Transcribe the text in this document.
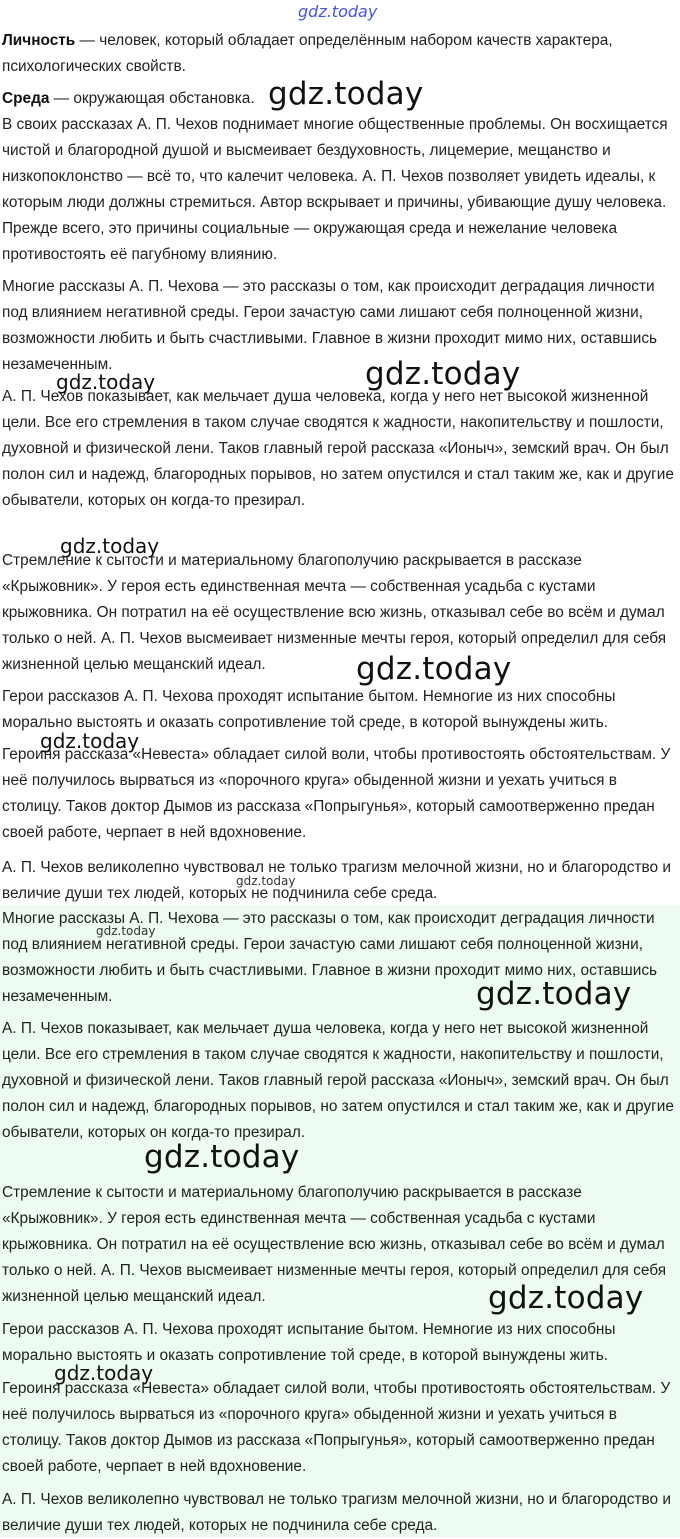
Личность — человек, который обладает определённым набором качеств характера, психологических свойств.

Среда — окружающая обстановка.

В своих рассказах А. П. Чехов поднимает многие общественные проблемы. Он восхищается чистой и благородной душой и высмеивает бездуховность, лицемерие, мещанство и низкопоклонство — всё то, что калечит человека. А. П. Чехов позволяет увидеть идеалы, к которым люди должны стремиться. Автор вскрывает и причины, убивающие душу человека. Прежде всего, это причины социальные — окружающая среда и нежелание человека противостоять её пагубному влиянию.

Многие рассказы А. П. Чехова — это рассказы о том, как происходит деградация личности под влиянием негативной среды. Герои зачастую сами лишают себя полноценной жизни, возможности любить и быть счастливыми. Главное в жизни проходит мимо них, оставшись незамеченным.

А. П. Чехов показывает, как мельчает душа человека, когда у него нет высокой жизненной цели. Все его стремления в таком случае сводятся к жадности, накопительству и пошлости, духовной и физической лени. Таков главный герой рассказа «Ионыч», земский врач. Он был полон сил и надежд, благородных порывов, но затем опустился и стал таким же, как и другие обыватели, которых он когда-то презирал.

Стремление к сытости и материальному благополучию раскрывается в рассказе «Крыжовник». У героя есть единственная мечта — собственная усадьба с кустами крыжовника. Он потратил на её осуществление всю жизнь, отказывал себе во всём и думал только о ней. А. П. Чехов высмеивает низменные мечты героя, который определил для себя жизненной целью мещанский идеал.

Герои рассказов А. П. Чехова проходят испытание бытом. Немногие из них способны морально выстоять и оказать сопротивление той среде, в которой вынуждены жить.

Героиня рассказа «Невеста» обладает силой воли, чтобы противостоять обстоятельствам. У неё получилось вырваться из «порочного круга» обыденной жизни и уехать учиться в столицу. Таков доктор Дымов из рассказа «Попрыгунья», который самоотверженно предан своей работе, черпает в ней вдохновение.

А. П. Чехов великолепно чувствовал не только трагизм мелочной жизни, но и благородство и величие души тех людей, которых не подчинила себе среда.

Многие рассказы А. П. Чехова — это рассказы о том, как происходит деградация личности под влиянием негативной среды. Герои зачастую сами лишают себя полноценной жизни, возможности любить и быть счастливыми. Главное в жизни проходит мимо них, оставшись незамеченным.

А. П. Чехов показывает, как мельчает душа человека, когда у него нет высокой жизненной цели. Все его стремления в таком случае сводятся к жадности, накопительству и пошлости, духовной и физической лени. Таков главный герой рассказа «Ионыч», земский врач. Он был полон сил и надежд, благородных порывов, но затем опустился и стал таким же, как и другие обыватели, которых он когда-то презирал.

Стремление к сытости и материальному благополучию раскрывается в рассказе «Крыжовник». У героя есть единственная мечта — собственная усадьба с кустами крыжовника. Он потратил на её осуществление всю жизнь, отказывал себе во всём и думал только о ней. А. П. Чехов высмеивает низменные мечты героя, который определил для себя жизненной целью мещанский идеал.

Герои рассказов А. П. Чехова проходят испытание бытом. Немногие из них способны морально выстоять и оказать сопротивление той среде, в которой вынуждены жить.

Героиня рассказа «Невеста» обладает силой воли, чтобы противостоять обстоятельствам. У неё получилось вырваться из «порочного круга» обыденной жизни и уехать учиться в столицу. Таков доктор Дымов из рассказа «Попрыгунья», который самоотверженно предан своей работе, черпает в ней вдохновение.

А. П. Чехов великолепно чувствовал не только трагизм мелочной жизни, но и благородство и величие души тех людей, которых не подчинила себе среда.

gdz.today
gdz.today
gdz.today	gdz.today
gdz.today
gdz.today
gdz.today
gdz.today
gdz.today
gdz.today
gdz.today
gdz.today
gdz.today
